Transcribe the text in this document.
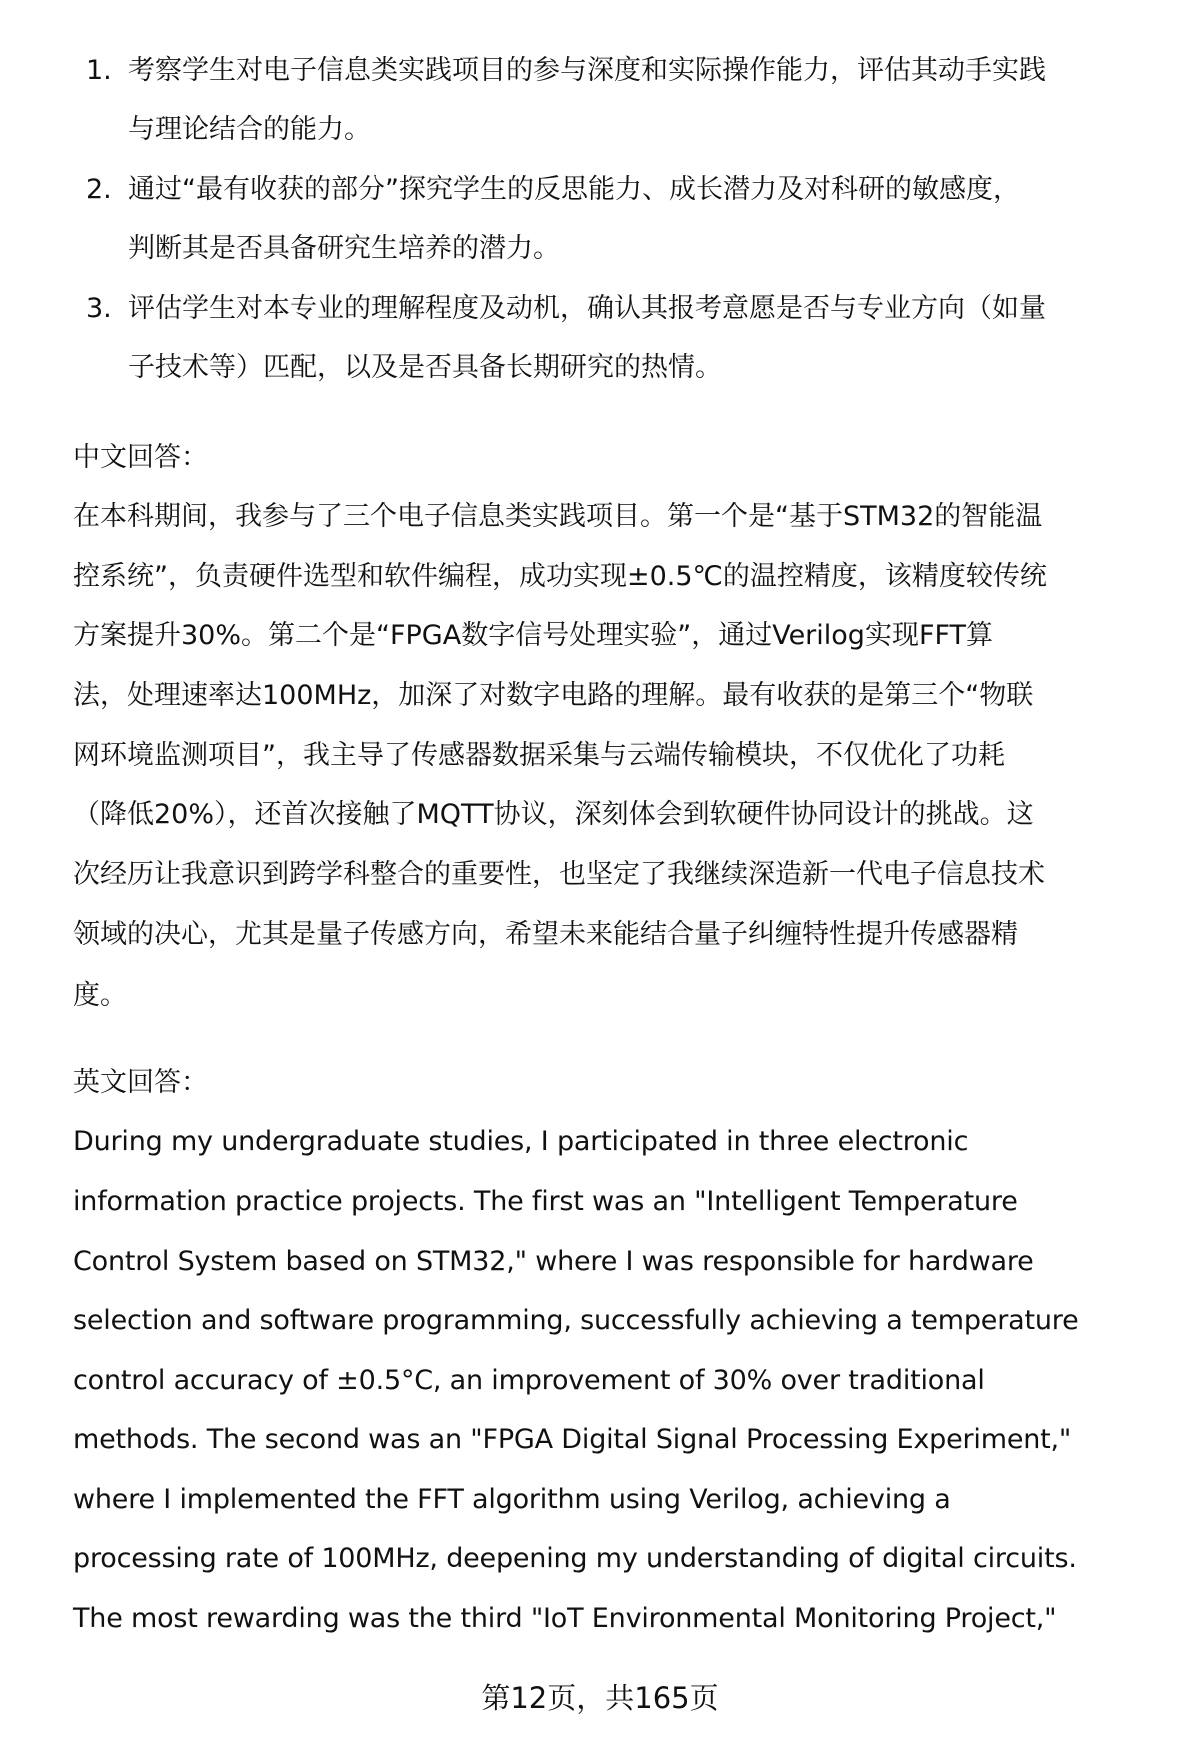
1. 考察学生对电子信息类实践项目的参与深度和实际操作能力，评估其动手实践
与理论结合的能力。
2. 通过“最有收获的部分”探究学生的反思能力、成长潜力及对科研的敏感度，
判断其是否具备研究生培养的潜力。
3. 评估学生对本专业的理解程度及动机，确认其报考意愿是否与专业方向（如量
子技术等）匹配，以及是否具备长期研究的热情。
中文回答：
在本科期间，我参与了三个电子信息类实践项目。第一个是“基于STM32的智能温
控系统”，负责硬件选型和软件编程，成功实现±0.5℃的温控精度，该精度较传统
方案提升30%。第二个是“FPGA数字信号处理实验”，通过Verilog实现FFT算
法，处理速率达100MHz，加深了对数字电路的理解。最有收获的是第三个“物联
网环境监测项目”，我主导了传感器数据采集与云端传输模块，不仅优化了功耗
（降低20%），还首次接触了MQTT协议，深刻体会到软硬件协同设计的挑战。这
次经历让我意识到跨学科整合的重要性，也坚定了我继续深造新一代电子信息技术
领域的决心，尤其是量子传感方向，希望未来能结合量子纠缠特性提升传感器精
度。
英文回答：
During my undergraduate studies, I participated in three electronic
information practice projects. The first was an "Intelligent Temperature
Control System based on STM32," where I was responsible for hardware
selection and software programming, successfully achieving a temperature
control accuracy of ±0.5°C, an improvement of 30% over traditional
methods. The second was an "FPGA Digital Signal Processing Experiment,"
where I implemented the FFT algorithm using Verilog, achieving a
processing rate of 100MHz, deepening my understanding of digital circuits.
The most rewarding was the third "IoT Environmental Monitoring Project,"
第12页，共165页
